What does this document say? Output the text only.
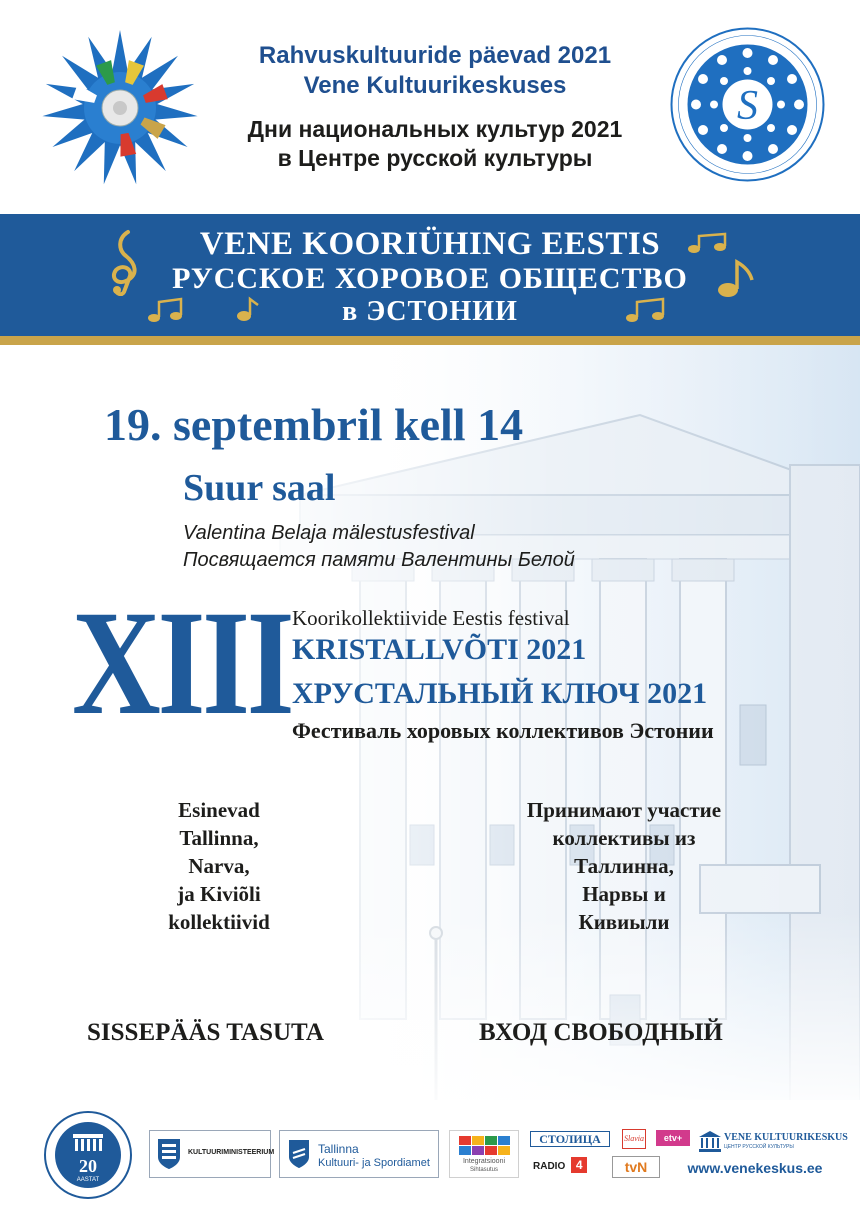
Rahvuskultuuride päevad 2021
Vene Kultuurikeskuses
Дни национальных культур 2021
в Центре русской культуры
S
VENE KOORIÜHING EESTIS
РУССКОЕ ХОРОВОЕ ОБЩЕСТВО
в ЭСТОНИИ
19. septembril kell 14
Suur saal
Valentina Belaja mälestusfestival
Посвящается памяти Валентины Белой
XIII Koorikollektiivide Eestis festival
KRISTALLVÕTI 2021
ХРУСТАЛЬНЫЙ КЛЮЧ 2021
Фестиваль хоровых коллективов Эстонии
Esinevad
Tallinna,
Narva,
ja Kiviõli
kollektiivid
Принимают участие
коллективы из
Таллинна,
Нарвы и
Кивиыли
SISSEPÄÄS TASUTA	ВХОД СВОБОДНЫЙ
20
AASTAT
KULTUURIMINISTEERIUM	Tallinna
Kultuuri- ja Spordiamet	Integratsiooni
Sihtasutus
СТОЛИЦА
RADIO 4
Slavia	etv+
tvN
VENE KULTUURIKESKUS
ЦЕНТР РУССКОЙ КУЛЬТУРЫ
www.venekeskus.ee
